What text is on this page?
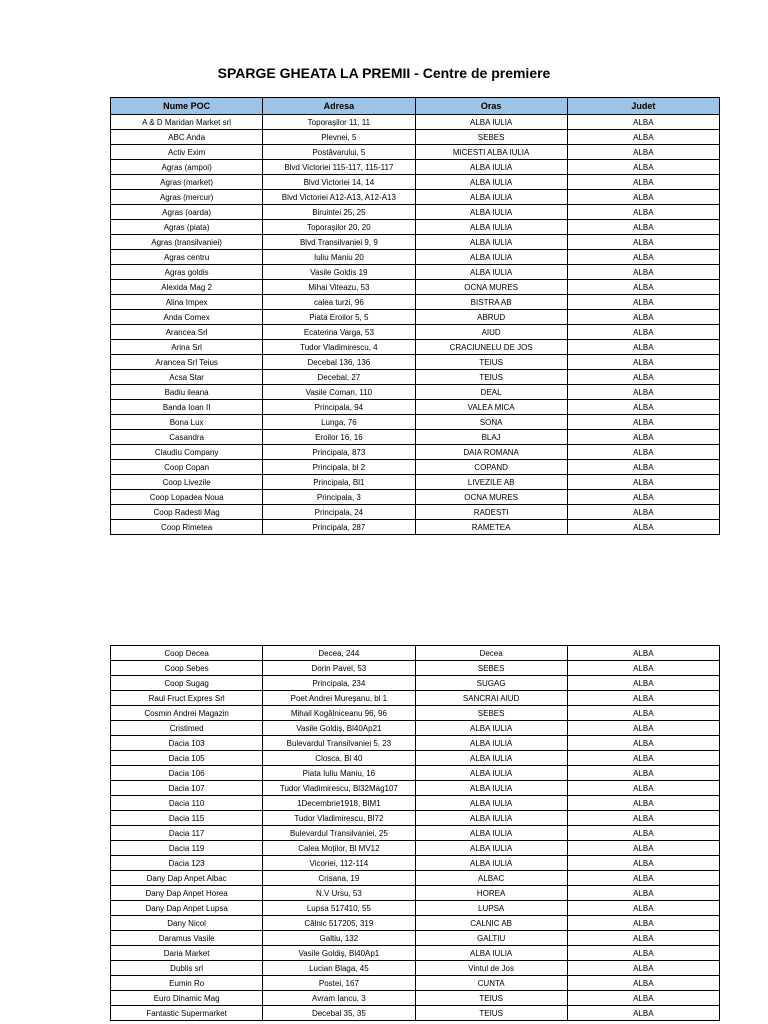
SPARGE GHEATA LA PREMII - Centre de premiere
Nume POC	Adresa	Oras	Judet
A & D Maridan Market srl	Toporașilor 11, 11	ALBA IULIA	ALBA
ABC Anda	Plevnei, 5	SEBES	ALBA
Activ Exim	Postăvarului, 5	MICESTI ALBA IULIA	ALBA
Agras (ampoi)	Blvd Victoriei 115-117, 115-117	ALBA IULIA	ALBA
Agras (market)	Blvd Victoriei 14, 14	ALBA IULIA	ALBA
Agras (mercur)	Blvd Victoriei A12-A13, A12-A13	ALBA IULIA	ALBA
Agras (oarda)	Biruintei 25, 25	ALBA IULIA	ALBA
Agras (piata)	Toporașilor 20, 20	ALBA IULIA	ALBA
Agras (transilvaniei)	Blvd Transilvaniei 9, 9	ALBA IULIA	ALBA
Agras centru	Iuliu Maniu 20	ALBA IULIA	ALBA
Agras goldis	Vasile Goldis 19	ALBA IULIA	ALBA
Alexida Mag 2	Mihai Viteazu, 53	OCNA MURES	ALBA
Alina Impex	calea turzi, 96	BISTRA AB	ALBA
Anda Comex	Piata Eroilor 5, 5	ABRUD	ALBA
Arancea Srl	Ecaterina Varga, 53	AIUD	ALBA
Arina Srl	Tudor Vladimirescu, 4	CRACIUNELU DE JOS	ALBA
Arancea Srl Teius	Decebal 136, 136	TEIUS	ALBA
Acsa Star	Decebal, 27	TEIUS	ALBA
Badiu ileana	Vasile Coman, 110	DEAL	ALBA
Banda Ioan II	Principala, 94	VALEA MICA	ALBA
Bona Lux	Lunga, 76	SONA	ALBA
Casandra	Eroilor 16, 16	BLAJ	ALBA
Claudiu Company	Principala, 873	DAIA ROMANA	ALBA
Coop Copan	Principala, bl 2	COPAND	ALBA
Coop Livezile	Principala, Bl1	LIVEZILE AB	ALBA
Coop Lopadea Noua	Principala, 3	OCNA MURES	ALBA
Coop Radesti Mag	Principala, 24	RADESTI	ALBA
Coop Rimetea	Principala, 287	RAMETEA	ALBA
Coop Decea	Decea, 244	Decea	ALBA
Coop Sebes	Dorin Pavel, 53	SEBES	ALBA
Coop Sugag	Principala, 234	SUGAG	ALBA
Raul Fruct Expres Srl	Poet Andrei Mureşanu, bl 1	SANCRAI AIUD	ALBA
Cosmin Andrei Magazin	Mihail Kogălniceanu 96, 96	SEBES	ALBA
Cristimed	Vasile Goldiș, Bl40Ap21	ALBA IULIA	ALBA
Dacia 103	Bulevardul Transilvaniei 5, 23	ALBA IULIA	ALBA
Dacia 105	Closca, Bl 40	ALBA IULIA	ALBA
Dacia 106	Piata Iuliu Maniu, 16	ALBA IULIA	ALBA
Dacia 107	Tudor Vladimirescu, Bl32Mag107	ALBA IULIA	ALBA
Dacia 110	1Decembrie1918, BlM1	ALBA IULIA	ALBA
Dacia 115	Tudor Vladimirescu, Bl72	ALBA IULIA	ALBA
Dacia 117	Bulevardul Transilvaniei, 25	ALBA IULIA	ALBA
Dacia 119	Calea Moților, Bl MV12	ALBA IULIA	ALBA
Dacia 123	Vicoriei, 112-114	ALBA IULIA	ALBA
Dany Dap Anpet Albac	Crisana, 19	ALBAC	ALBA
Dany Dap Anpet Horea	N.V Ursu, 53	HOREA	ALBA
Dany Dap Anpet Lupsa	Lupsa 517410, 55	LUPSA	ALBA
Dany Nicol	Călnic 517205, 319	CALNIC AB	ALBA
Daramus Vasile	Galtiu, 132	GALTIU	ALBA
Daria Market	Vasile Goldiș, Bl40Ap1	ALBA IULIA	ALBA
Dublis srl	Lucian Blaga, 45	Vintul de Jos	ALBA
Eumin Ro	Postei, 167	CUNTA	ALBA
Euro Dinamic Mag	Avram Iancu, 3	TEIUS	ALBA
Fantastic Supermarket	Decebal 35, 35	TEIUS	ALBA
